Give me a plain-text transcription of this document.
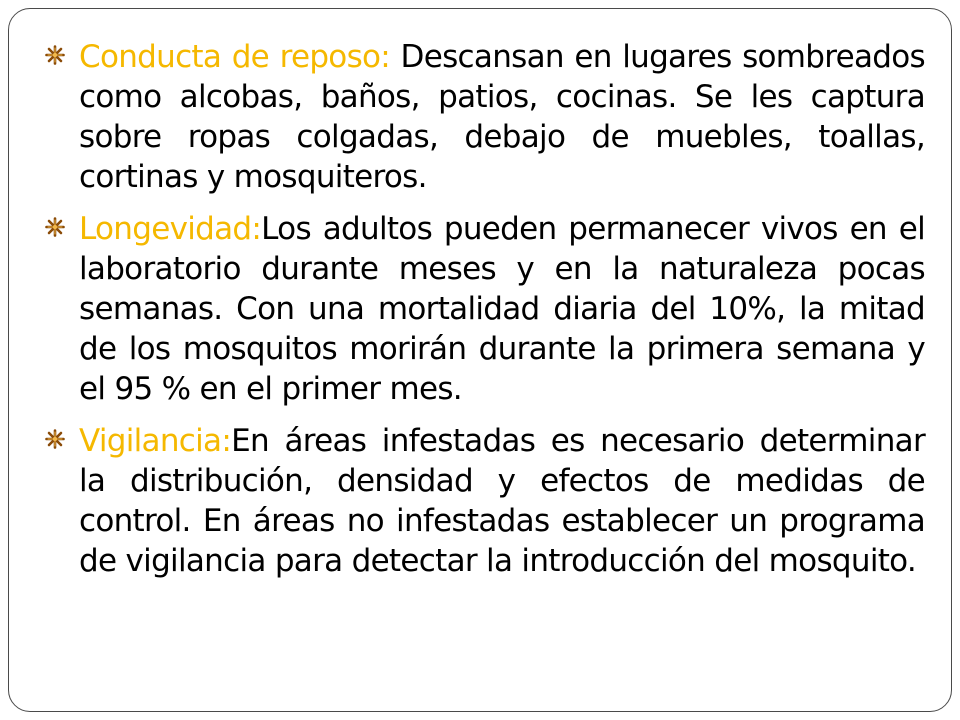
Conducta de reposo: Descansan en lugares sombreados como alcobas, baños, patios, cocinas. Se les captura sobre ropas colgadas, debajo de muebles, toallas, cortinas y mosquiteros.

Longevidad:Los adultos pueden permanecer vivos en el laboratorio durante meses y en la naturaleza pocas semanas. Con una mortalidad diaria del 10%, la mitad de los mosquitos morirán durante la primera semana y el 95 % en el primer mes.

Vigilancia:En áreas infestadas es necesario determinar la distribución, densidad y efectos de medidas de control. En áreas no infestadas establecer un programa de vigilancia para detectar la introducción del mosquito.
